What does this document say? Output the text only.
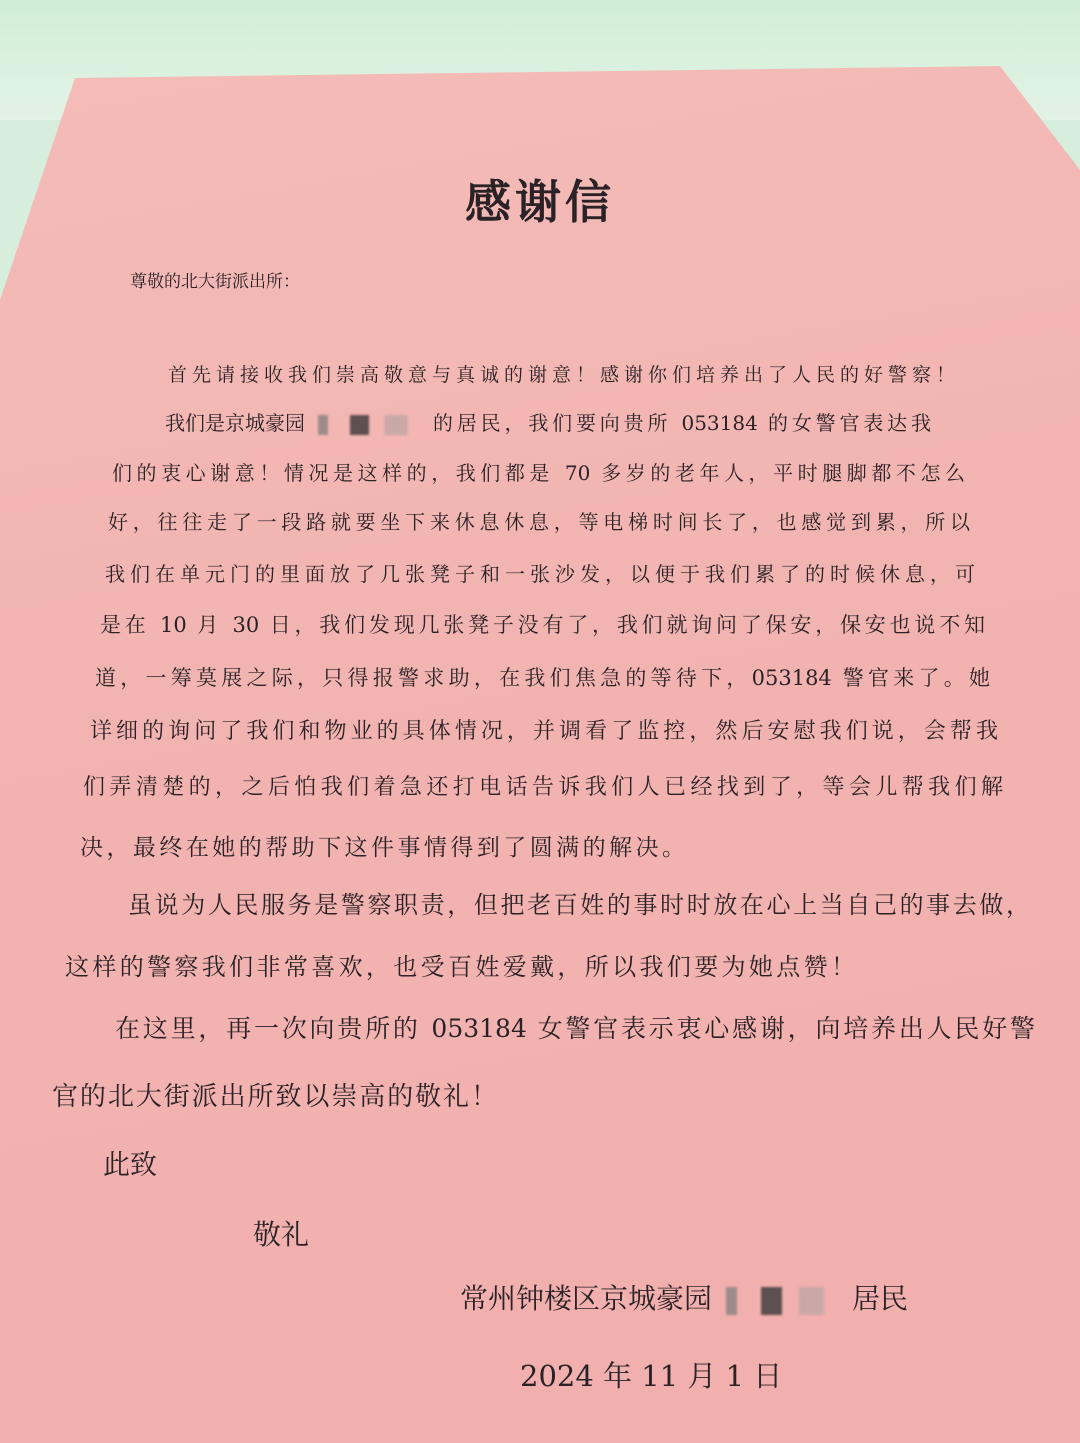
感谢信
尊敬的北大街派出所：
首先请接收我们崇高敬意与真诚的谢意！感谢你们培养出了人民的好警察！
我们是京城豪园	的居民，我们要向贵所 053184 的女警官表达我
们的衷心谢意！情况是这样的，我们都是 70 多岁的老年人，平时腿脚都不怎么
好，往往走了一段路就要坐下来休息休息，等电梯时间长了，也感觉到累，所以
我们在单元门的里面放了几张凳子和一张沙发，以便于我们累了的时候休息，可
是在 10 月 30 日，我们发现几张凳子没有了，我们就询问了保安，保安也说不知
道，一筹莫展之际，只得报警求助，在我们焦急的等待下，053184 警官来了。她
详细的询问了我们和物业的具体情况，并调看了监控，然后安慰我们说，会帮我
们弄清楚的，之后怕我们着急还打电话告诉我们人已经找到了，等会儿帮我们解
决，最终在她的帮助下这件事情得到了圆满的解决。
虽说为人民服务是警察职责，但把老百姓的事时时放在心上当自己的事去做，
这样的警察我们非常喜欢，也受百姓爱戴，所以我们要为她点赞！
在这里，再一次向贵所的 053184 女警官表示衷心感谢，向培养出人民好警
官的北大街派出所致以崇高的敬礼！
此致
敬礼
常州钟楼区京城豪园	居民
2024 年 11 月 1 日
